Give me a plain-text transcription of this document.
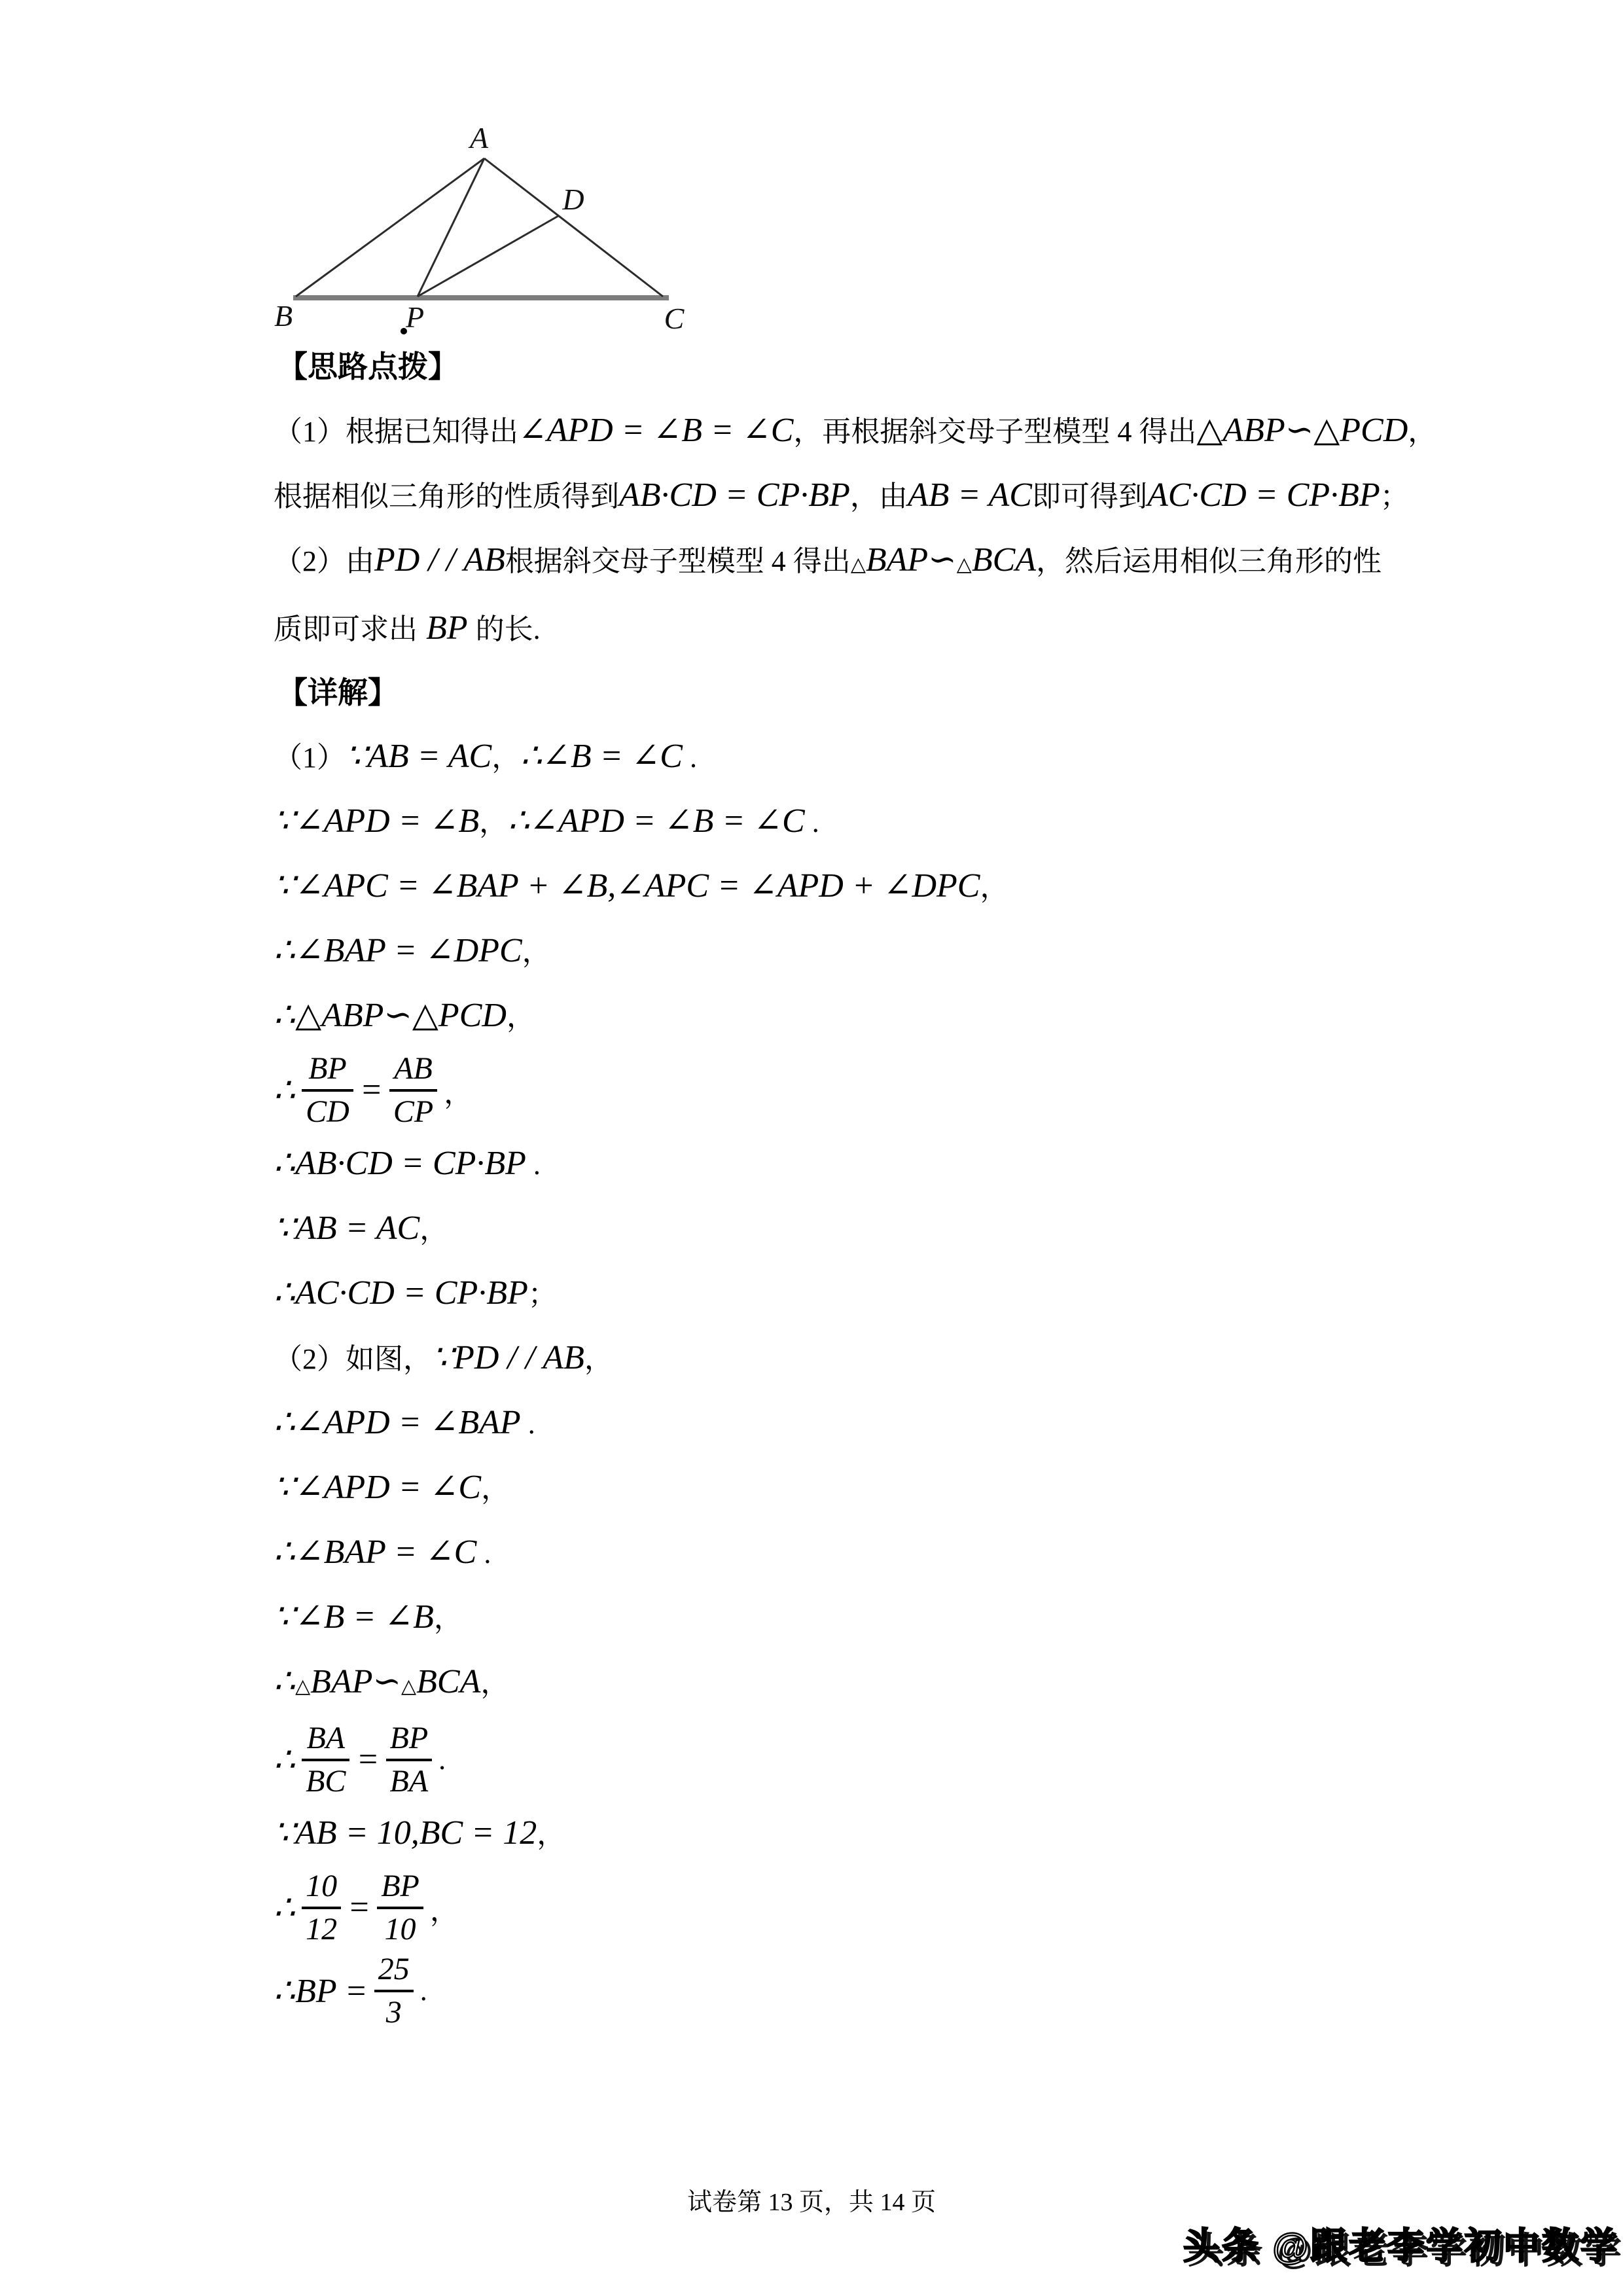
A
D
B	P	C
【思路点拨】
（1）根据已知得出∠APD = ∠B = ∠C，再根据斜交母子型模型 4 得出△ABP∽△PCD，
根据相似三角形的性质得到AB·CD = CP·BP，由AB = AC即可得到AC·CD = CP·BP；
（2）由PD / / AB根据斜交母子型模型 4 得出△BAP∽△BCA，然后运用相似三角形的性
质即可求出 BP 的长.
【详解】
（1）∵AB = AC，∴∠B = ∠C .
∵∠APD = ∠B，∴∠APD = ∠B = ∠C .
∵∠APC = ∠BAP + ∠B,∠APC = ∠APD + ∠DPC，
∴∠BAP = ∠DPC，
∴△ABP∽△PCD，
∴ $\frac{BP}{CD} = \frac{AB}{CP}$ ，
∴AB·CD = CP·BP .
∵AB = AC，
∴AC·CD = CP·BP；
（2）如图，∵PD / / AB，
∴∠APD = ∠BAP .
∵∠APD = ∠C，
∴∠BAP = ∠C .
∵∠B = ∠B，
∴△BAP∽△BCA，
∴ $\frac{BA}{BC} = \frac{BP}{BA}$ .
∵AB = 10,BC = 12，
∴ $\frac{10}{12} = \frac{BP}{10}$ ，
∴BP = $\frac{25}{3}$ .
试卷第 13 页，共 14 页
头条 @跟老李学初中数学
